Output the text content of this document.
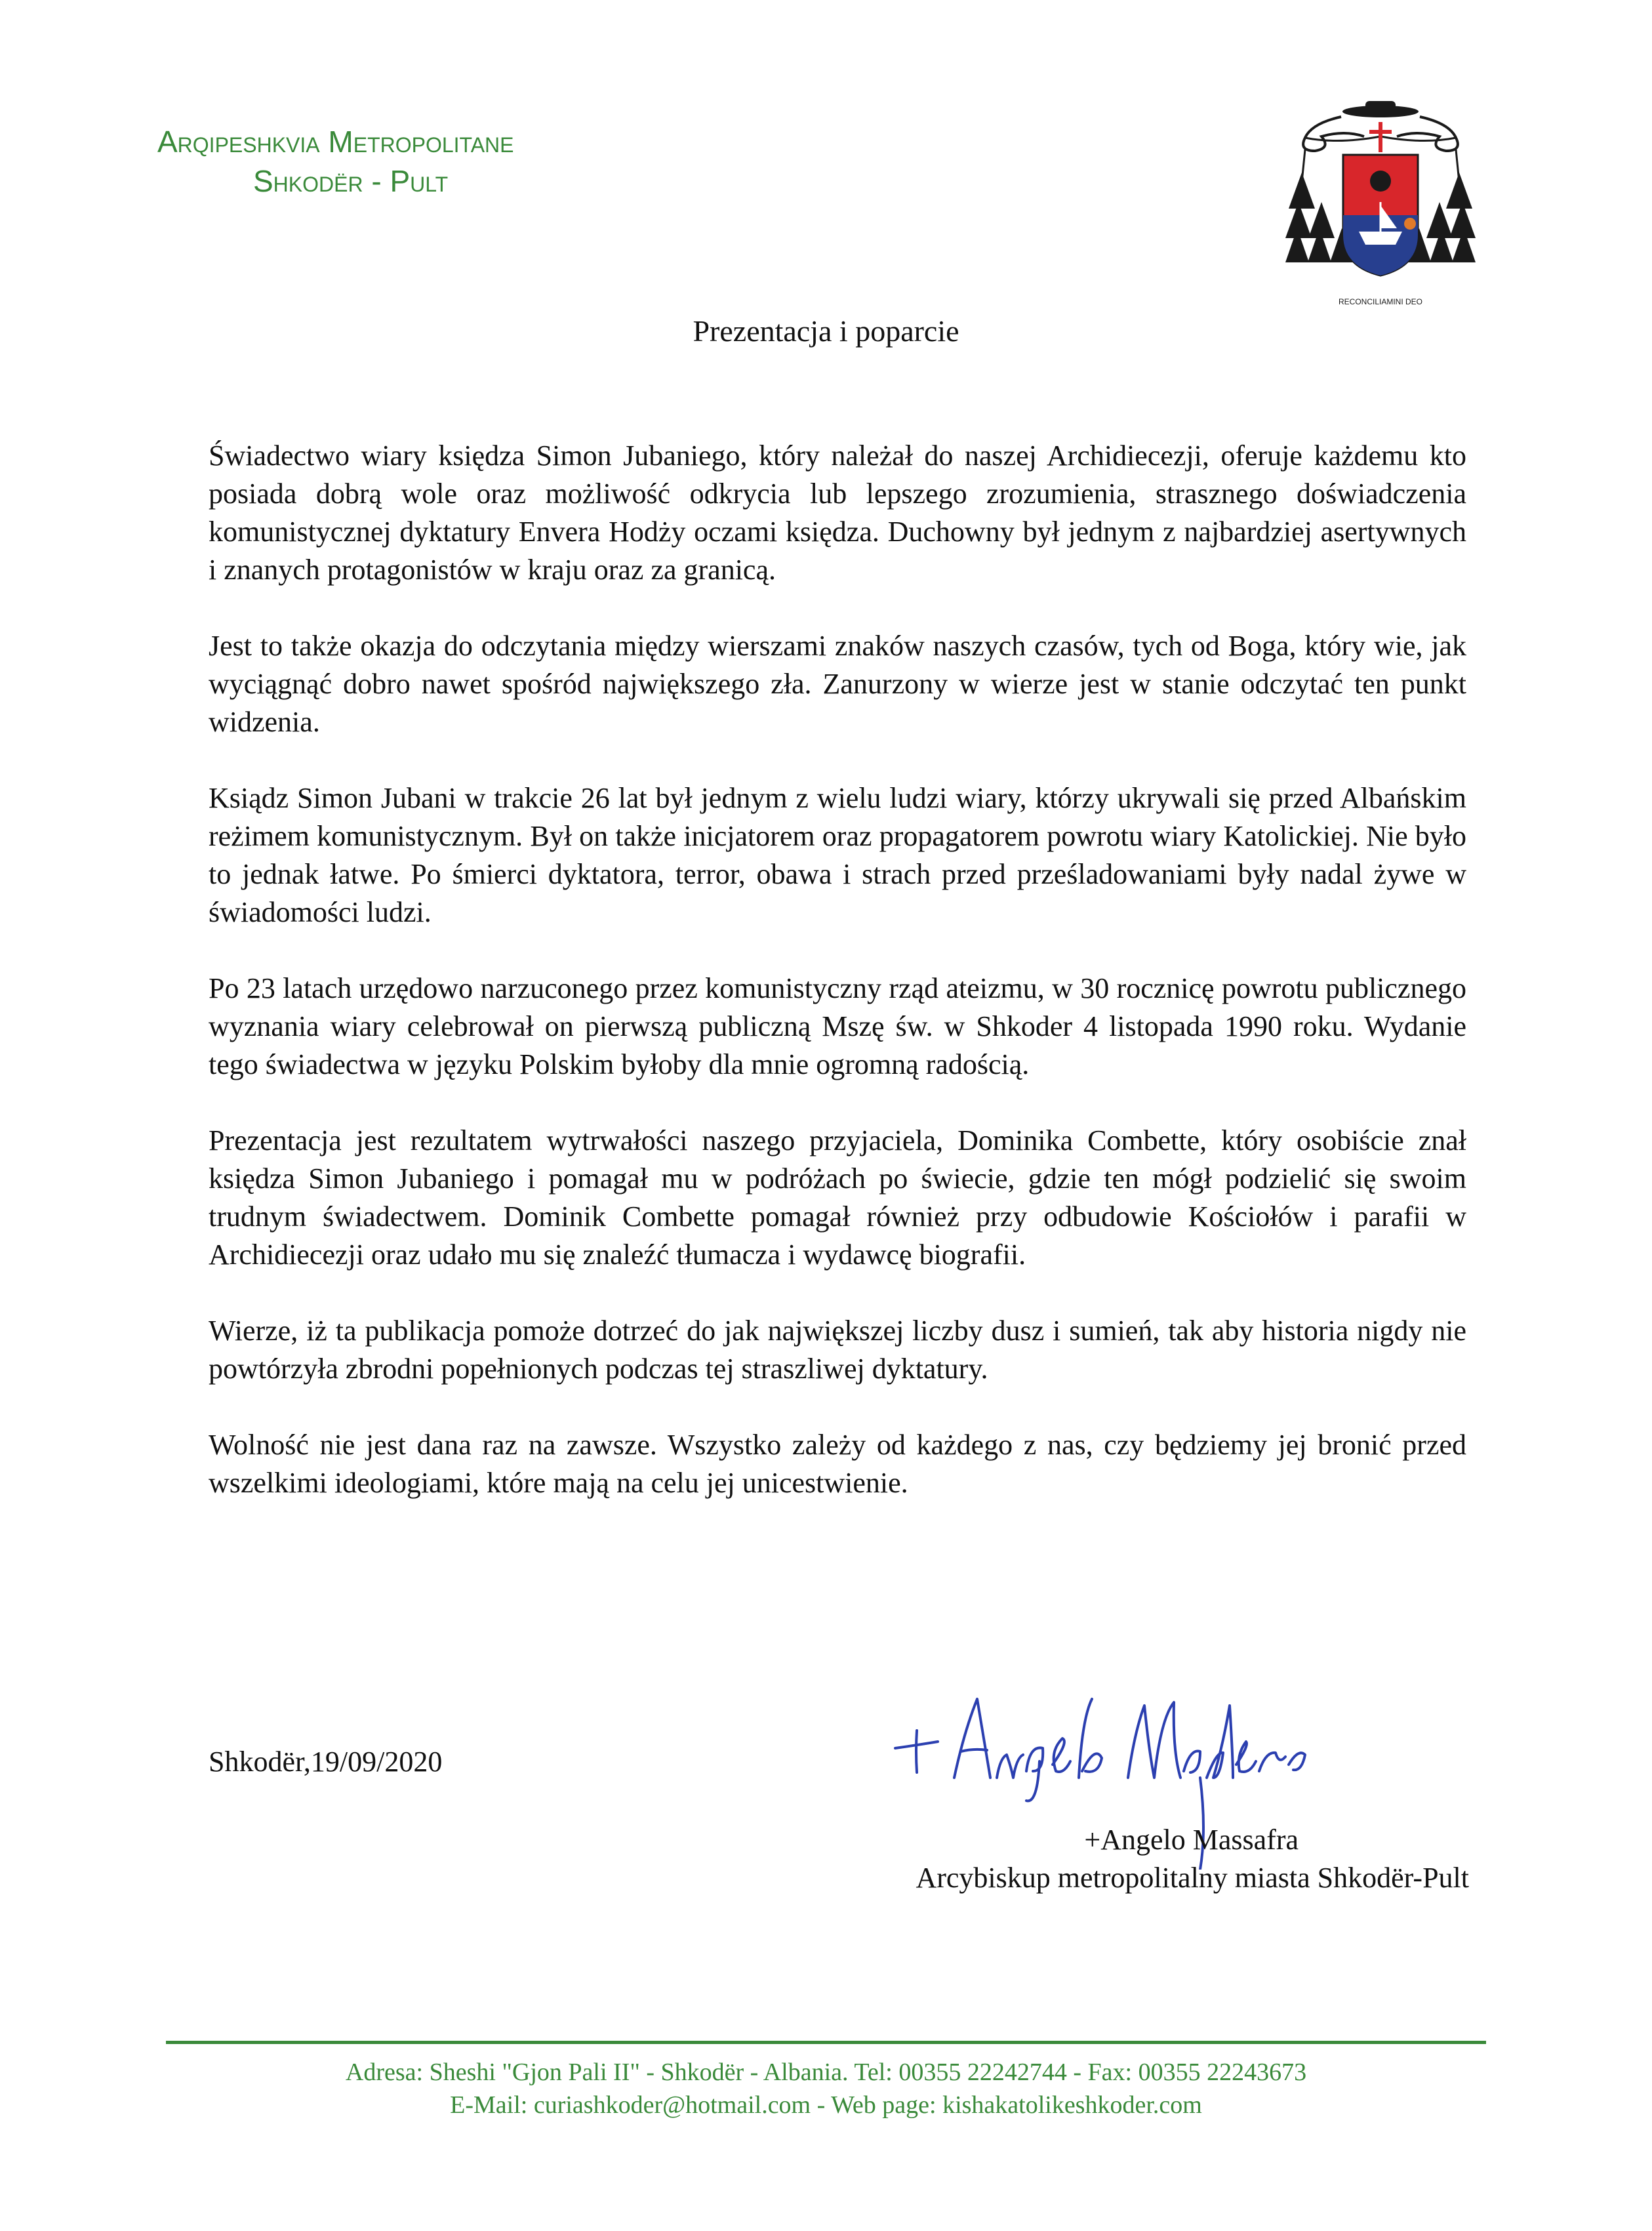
Arqipeshkvia Metropolitane
Shkodër - Pult
RECONCILIAMINI DEO
Prezentacja i poparcie

Świadectwo wiary księdza Simon Jubaniego, który należał do naszej Archidiecezji, oferuje każdemu kto posiada dobrą wole oraz możliwość odkrycia lub lepszego zrozumienia, strasznego doświadczenia komunistycznej dyktatury Envera Hodży oczami księdza. Duchowny był jednym z najbardziej asertywnych i znanych protagonistów w kraju oraz za granicą.

Jest to także okazja do odczytania między wierszami znaków naszych czasów, tych od Boga, który wie, jak wyciągnąć dobro nawet spośród największego zła. Zanurzony w wierze jest w stanie odczytać ten punkt widzenia.

Ksiądz Simon Jubani w trakcie 26 lat był jednym z wielu ludzi wiary, którzy ukrywali się przed Albańskim reżimem komunistycznym. Był on także inicjatorem oraz propagatorem powrotu wiary Katolickiej. Nie było to jednak łatwe. Po śmierci dyktatora, terror, obawa i strach przed prześladowaniami były nadal żywe w świadomości ludzi.

Po 23 latach urzędowo narzuconego przez komunistyczny rząd ateizmu, w 30 rocznicę powrotu publicznego wyznania wiary celebrował on pierwszą publiczną Mszę św. w Shkoder 4 listopada 1990 roku. Wydanie tego świadectwa w języku Polskim byłoby dla mnie ogromną radością.

Prezentacja jest rezultatem wytrwałości naszego przyjaciela, Dominika Combette, który osobiście znał księdza Simon Jubaniego i pomagał mu w podróżach po świecie, gdzie ten mógł podzielić się swoim trudnym świadectwem. Dominik Combette pomagał również przy odbudowie Kościołów i parafii w Archidiecezji oraz udało mu się znaleźć tłumacza i wydawcę biografii.

Wierze, iż ta publikacja pomoże dotrzeć do jak największej liczby dusz i sumień, tak aby historia nigdy nie powtórzyła zbrodni popełnionych podczas tej straszliwej dyktatury.

Wolność nie jest dana raz na zawsze. Wszystko zależy od każdego z nas, czy będziemy jej bronić przed wszelkimi ideologiami, które mają na celu jej unicestwienie.

Shkodër,19/09/2020
+ Angelo Massafra
+Angelo Massafra
Arcybiskup metropolitalny miasta Shkodër-Pult
Adresa: Sheshi "Gjon Pali II" - Shkodër - Albania. Tel: 00355 22242744 - Fax: 00355 22243673
E-Mail: curiashkoder@hotmail.com - Web page: kishakatolikeshkoder.com
